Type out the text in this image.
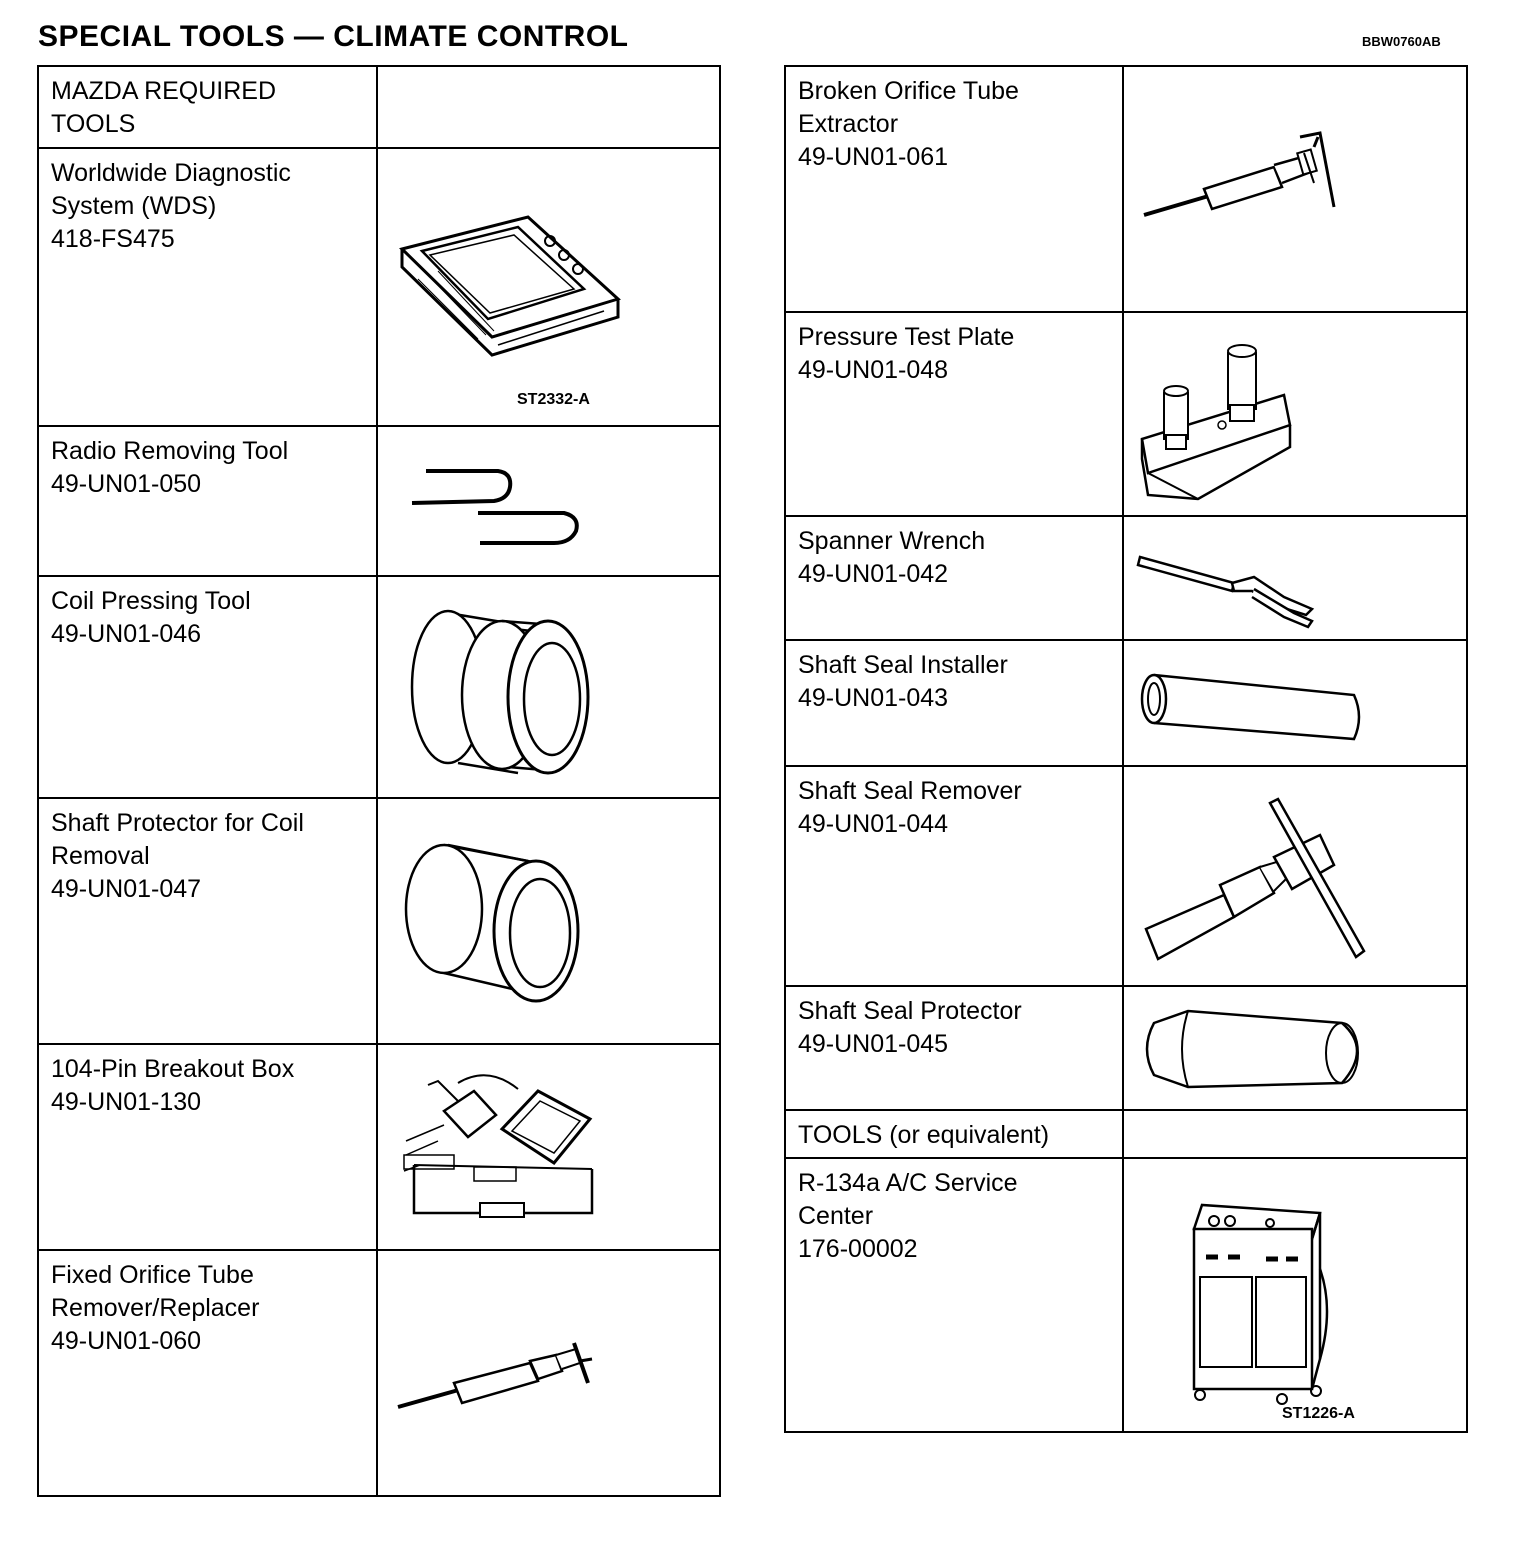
SPECIAL TOOLS — CLIMATE CONTROL	BBW0760AB
MAZDA REQUIRED TOOLS	

Worldwide Diagnostic System (WDS)
418-FS475	ST2332-A

Radio Removing Tool
49-UN01-050

Coil Pressing Tool
49-UN01-046

Shaft Protector for Coil Removal
49-UN01-047

104-Pin Breakout Box
49-UN01-130

Fixed Orifice Tube Remover/Replacer
49-UN01-060

Broken Orifice Tube Extractor
49-UN01-061

Pressure Test Plate
49-UN01-048

Spanner Wrench
49-UN01-042

Shaft Seal Installer
49-UN01-043

Shaft Seal Remover
49-UN01-044

Shaft Seal Protector
49-UN01-045

TOOLS (or equivalent)	

R-134a A/C Service Center
176-00002	ST1226-A
